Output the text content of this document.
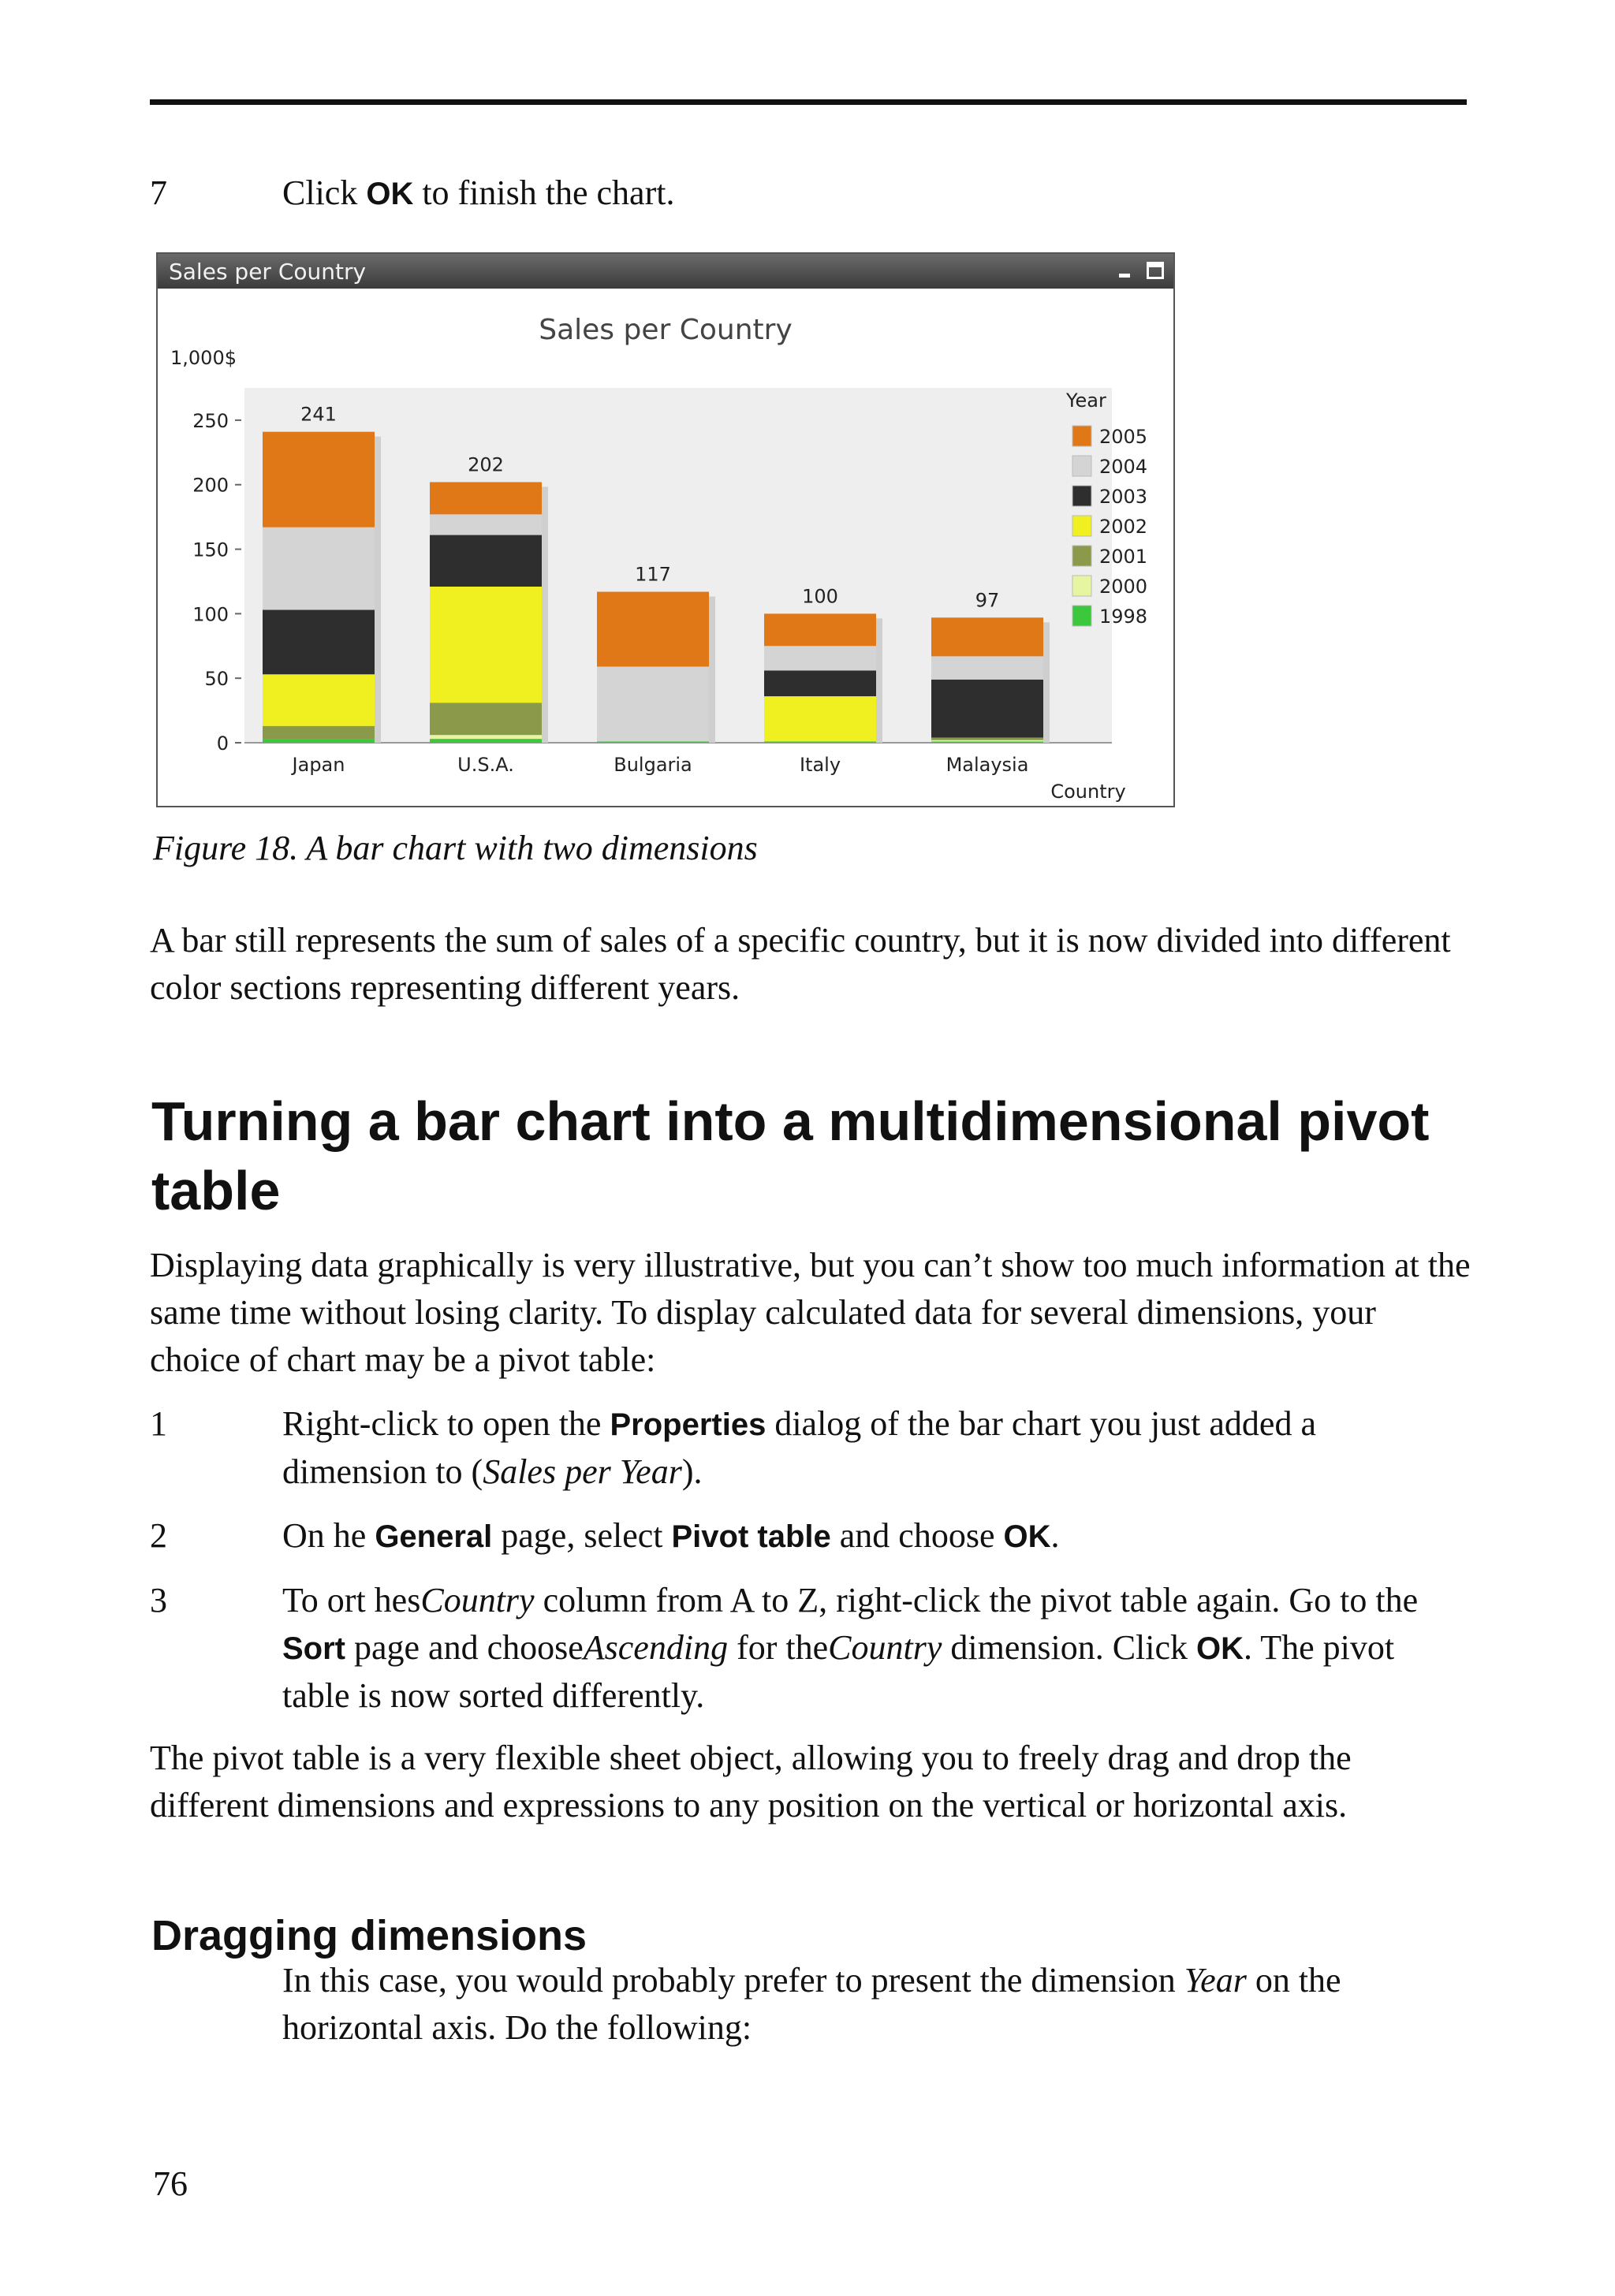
7	Click OK to finish the chart.
Sales per Country
Sales per Country
1,000$
0
50
100
150
200
250	241
Japan
202
U.S.A.
117
Bulgaria
100
Italy
97
Malaysia
Country
Year
2005
2004
2003
2002
2001
2000
1998
Figure 18. A bar chart with two dimensions
A bar still represents the sum of sales of a specific country, but it is now divided into different color sections representing different years.
Turning a bar chart into a multidimensional pivot table
Displaying data graphically is very illustrative, but you can’t show too much information at the same time without losing clarity. To display calculated data for several dimensions, your choice of chart may be a pivot table:
1	Right-click to open the Properties dialog of the bar chart you just added a dimension to (Sales per Year).
2	On he General page, select Pivot table and choose OK.
3	To ort hesCountry column from A to Z, right-click the pivot table again. Go to the Sort page and chooseAscending for theCountry dimension. Click OK. The pivot table is now sorted differently.
The pivot table is a very flexible sheet object, allowing you to freely drag and drop the different dimensions and expressions to any position on the vertical or horizontal axis.
Dragging dimensions
In this case, you would probably prefer to present the dimension Year on the horizontal axis. Do the following:
76
